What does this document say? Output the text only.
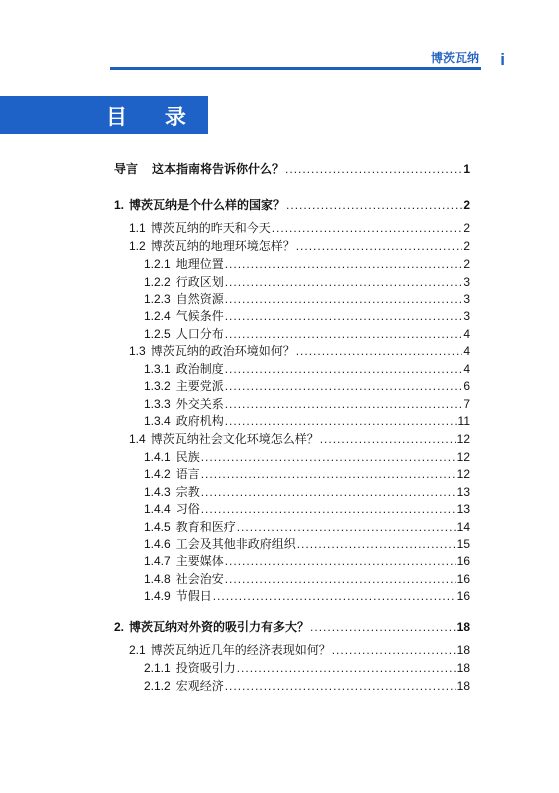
博茨瓦纳 i
目 录
导言 这本指南将告诉你什么？ .....	1
1. 博茨瓦纳是个什么样的国家？ .....	2
1.1 博茨瓦纳的昨天和今天 .....	2
1.2 博茨瓦纳的地理环境怎样？ .....	2
1.2.1 地理位置 .....	2
1.2.2 行政区划 .....	3
1.2.3 自然资源 .....	3
1.2.4 气候条件 .....	3
1.2.5 人口分布 .....	4
1.3 博茨瓦纳的政治环境如何？ .....	4
1.3.1 政治制度 .....	4
1.3.2 主要党派 .....	6
1.3.3 外交关系 .....	7
1.3.4 政府机构 .....	11
1.4 博茨瓦纳社会文化环境怎么样？ .....	12
1.4.1 民族 .....	12
1.4.2 语言 .....	12
1.4.3 宗教 .....	13
1.4.4 习俗 .....	13
1.4.5 教育和医疗 .....	14
1.4.6 工会及其他非政府组织 .....	15
1.4.7 主要媒体 .....	16
1.4.8 社会治安 .....	16
1.4.9 节假日 .....	16
2. 博茨瓦纳对外资的吸引力有多大？ .....	18
2.1 博茨瓦纳近几年的经济表现如何？ .....	18
2.1.1 投资吸引力 .....	18
2.1.2 宏观经济 .....	18
